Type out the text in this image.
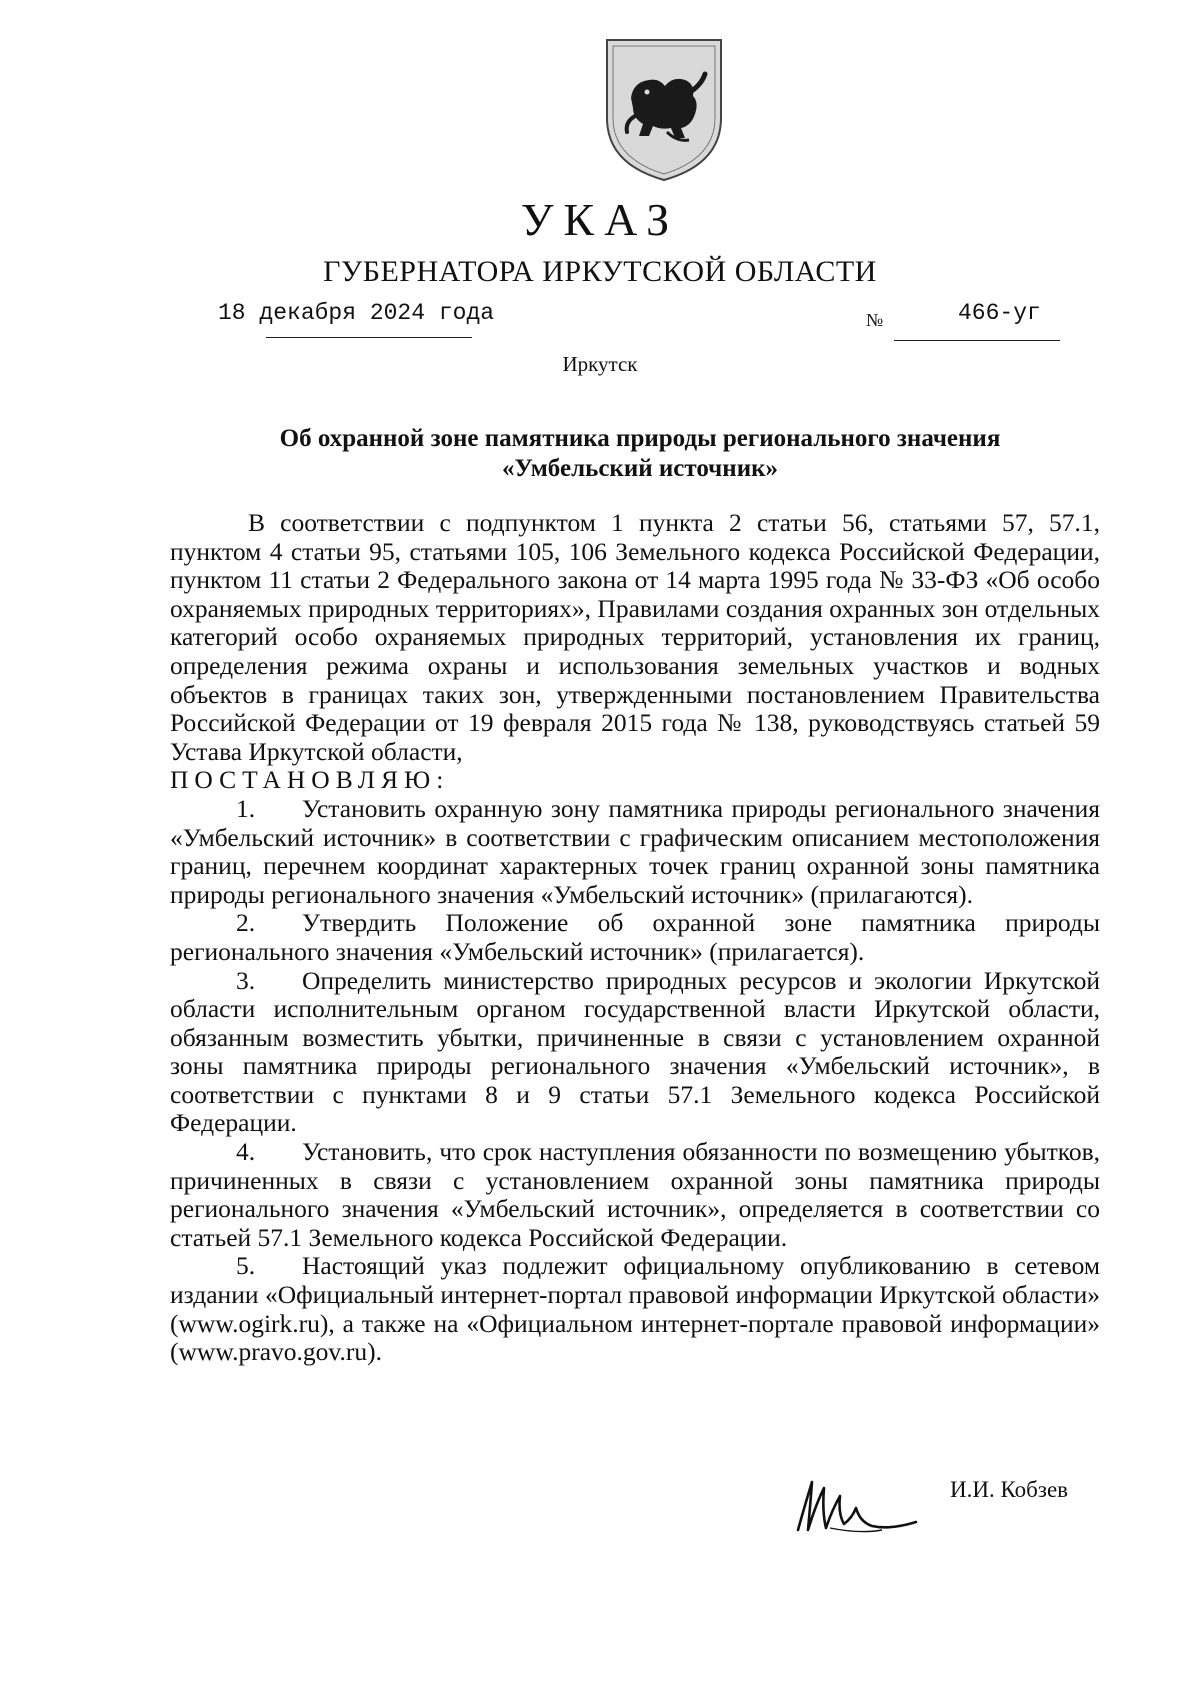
УКАЗ
ГУБЕРНАТОРА ИРКУТСКОЙ ОБЛАСТИ
18 декабря 2024 года	№	466-уг
Иркутск
Об охранной зоне памятника природы регионального значения
«Умбельский источник»

В соответствии с подпунктом 1 пункта 2 статьи 56, статьями 57, 57.1, пунктом 4 статьи 95, статьями 105, 106 Земельного кодекса Российской Федерации, пунктом 11 статьи 2 Федерального закона от 14 марта 1995 года № 33-ФЗ «Об особо охраняемых природных территориях», Правилами создания охранных зон отдельных категорий особо охраняемых природных территорий, установления их границ, определения режима охраны и использования земельных участков и водных объектов в границах таких зон, утвержденными постановлением Правительства Российской Федерации от 19 февраля 2015 года № 138, руководствуясь статьей 59 Устава Иркутской области,

ПОСТАНОВЛЯЮ:

1. Установить охранную зону памятника природы регионального значения «Умбельский источник» в соответствии с графическим описанием местоположения границ, перечнем координат характерных точек границ охранной зоны памятника природы регионального значения «Умбельский источник» (прилагаются).

2. Утвердить Положение об охранной зоне памятника природы регионального значения «Умбельский источник» (прилагается).

3. Определить министерство природных ресурсов и экологии Иркутской области исполнительным органом государственной власти Иркутской области, обязанным возместить убытки, причиненные в связи с установлением охранной зоны памятника природы регионального значения «Умбельский источник», в соответствии с пунктами 8 и 9 статьи 57.1 Земельного кодекса Российской Федерации.

4. Установить, что срок наступления обязанности по возмещению убытков, причиненных в связи с установлением охранной зоны памятника природы регионального значения «Умбельский источник», определяется в соответствии со статьей 57.1 Земельного кодекса Российской Федерации.

5. Настоящий указ подлежит официальному опубликованию в сетевом издании «Официальный интернет-портал правовой информации Иркутской области» (www.ogirk.ru), а также на «Официальном интернет-портале правовой информации» (www.pravo.gov.ru).

И.И. Кобзев
